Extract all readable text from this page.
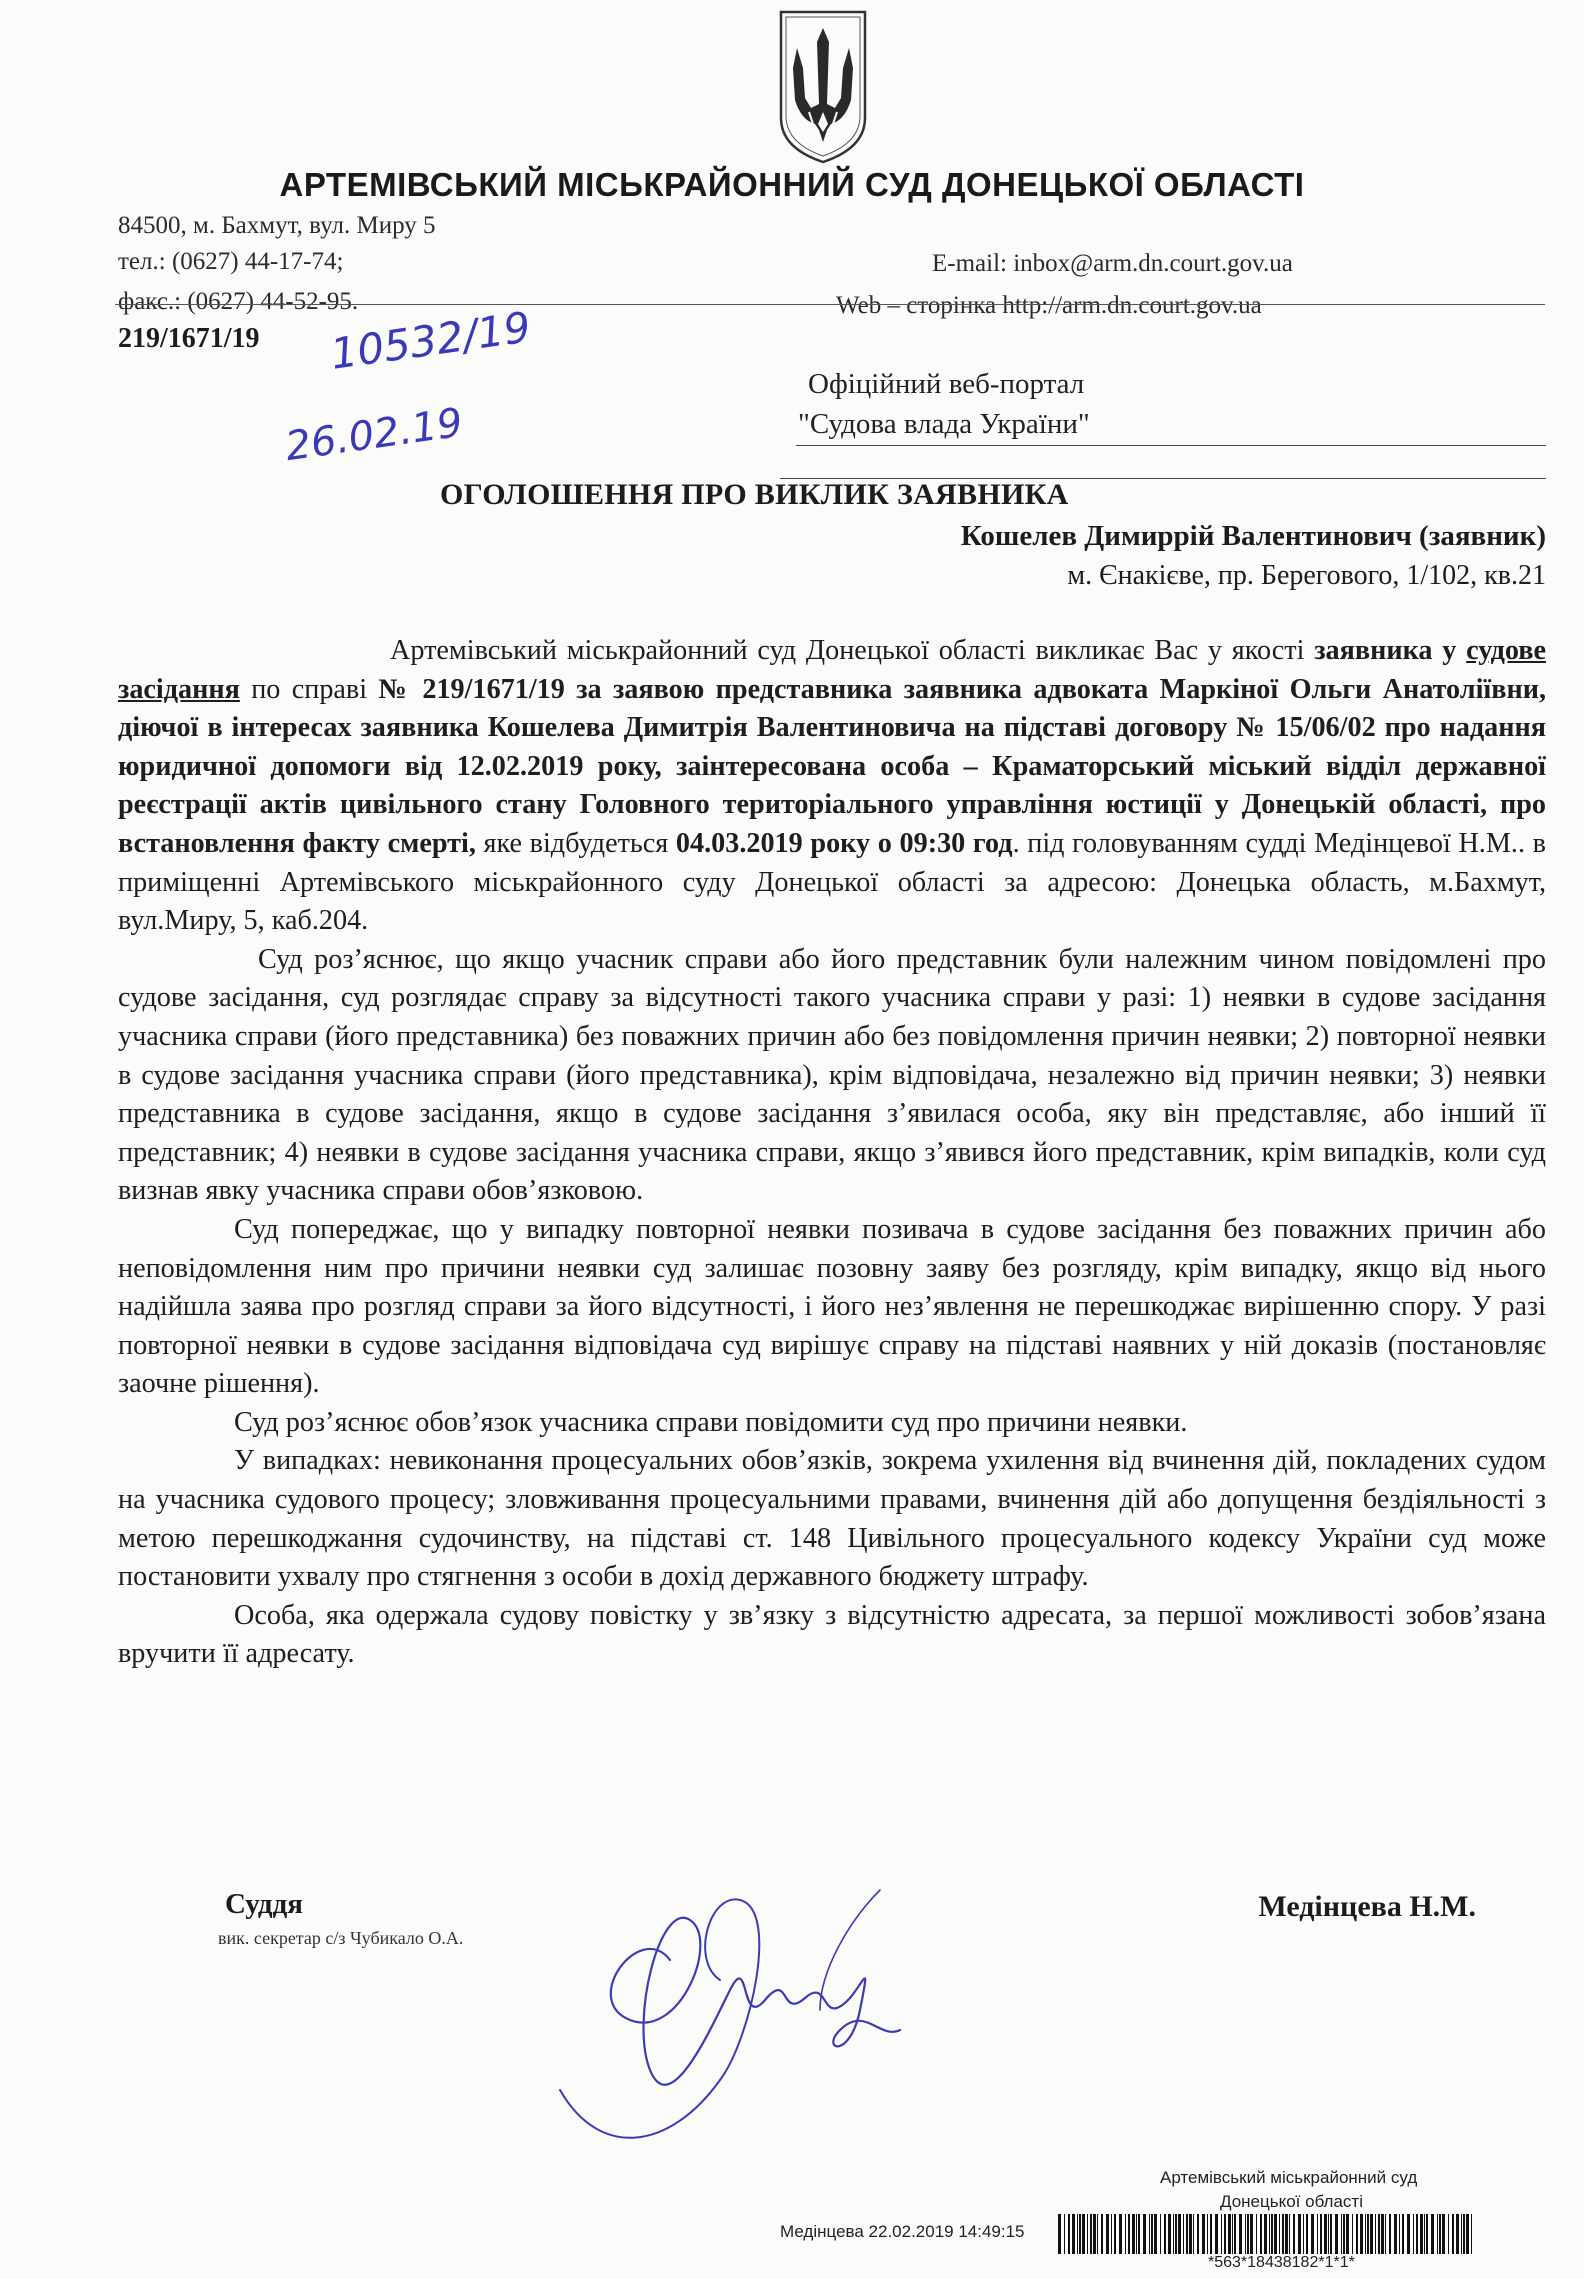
АРТЕМІВСЬКИЙ МІСЬКРАЙОННИЙ СУД ДОНЕЦЬКОЇ ОБЛАСТІ
84500, м. Бахмут, вул. Миру 5
тел.: (0627) 44-17-74;
факс.: (0627) 44-52-95.
E-mail: inbox@arm.dn.court.gov.ua
Web – сторінка http://arm.dn.court.gov.ua
219/1671/19 10532/19
26.02.19
Офіційний веб-портал
"Судова влада України"
ОГОЛОШЕННЯ ПРО ВИКЛИК ЗАЯВНИКА
Кошелев Димиррій Валентинович (заявник)
м. Єнакієве, пр. Берегового, 1/102, кв.21

Артемівський міськрайонний суд Донецької області викликає Вас у якості заявника у судове засідання по справі № 219/1671/19 за заявою представника заявника адвоката Маркіної Ольги Анатоліївни, діючої в інтересах заявника Кошелева Димитрія Валентиновича на підставі договору № 15/06/02 про надання юридичної допомоги від 12.02.2019 року, заінтересована особа – Краматорський міський відділ державної реєстрації актів цивільного стану Головного територіального управління юстиції у Донецькій області, про встановлення факту смерті, яке відбудеться 04.03.2019 року о 09:30 год. під головуванням судді Медінцевої Н.М.. в приміщенні Артемівського міськрайонного суду Донецької області за адресою: Донецька область, м.Бахмут, вул.Миру, 5, каб.204.

Суд роз’яснює, що якщо учасник справи або його представник були належним чином повідомлені про судове засідання, суд розглядає справу за відсутності такого учасника справи у разі: 1) неявки в судове засідання учасника справи (його представника) без поважних причин або без повідомлення причин неявки; 2) повторної неявки в судове засідання учасника справи (його представника), крім відповідача, незалежно від причин неявки; 3) неявки представника в судове засідання, якщо в судове засідання з’явилася особа, яку він представляє, або інший її представник; 4) неявки в судове засідання учасника справи, якщо з’явився його представник, крім випадків, коли суд визнав явку учасника справи обов’язковою.

Суд попереджає, що у випадку повторної неявки позивача в судове засідання без поважних причин або неповідомлення ним про причини неявки суд залишає позовну заяву без розгляду, крім випадку, якщо від нього надійшла заява про розгляд справи за його відсутності, і його нез’явлення не перешкоджає вирішенню спору. У разі повторної неявки в судове засідання відповідача суд вирішує справу на підставі наявних у ній доказів (постановляє заочне рішення).

Суд роз’яснює обов’язок учасника справи повідомити суд про причини неявки.

У випадках: невиконання процесуальних обов’язків, зокрема ухилення від вчинення дій, покладених судом на учасника судового процесу; зловживання процесуальними правами, вчинення дій або допущення бездіяльності з метою перешкоджання судочинству, на підставі ст. 148 Цивільного процесуального кодексу України суд може постановити ухвалу про стягнення з особи в дохід державного бюджету штрафу.

Особа, яка одержала судову повістку у зв’язку з відсутністю адресата, за першої можливості зобов’язана вручити її адресату.

Суддя
вик. секретар с/з Чубикало О.А.
Медінцева Н.М.
Артемівський міськрайонний суд
Донецької області
Медінцева 22.02.2019 14:49:15
*563*18438182*1*1*
